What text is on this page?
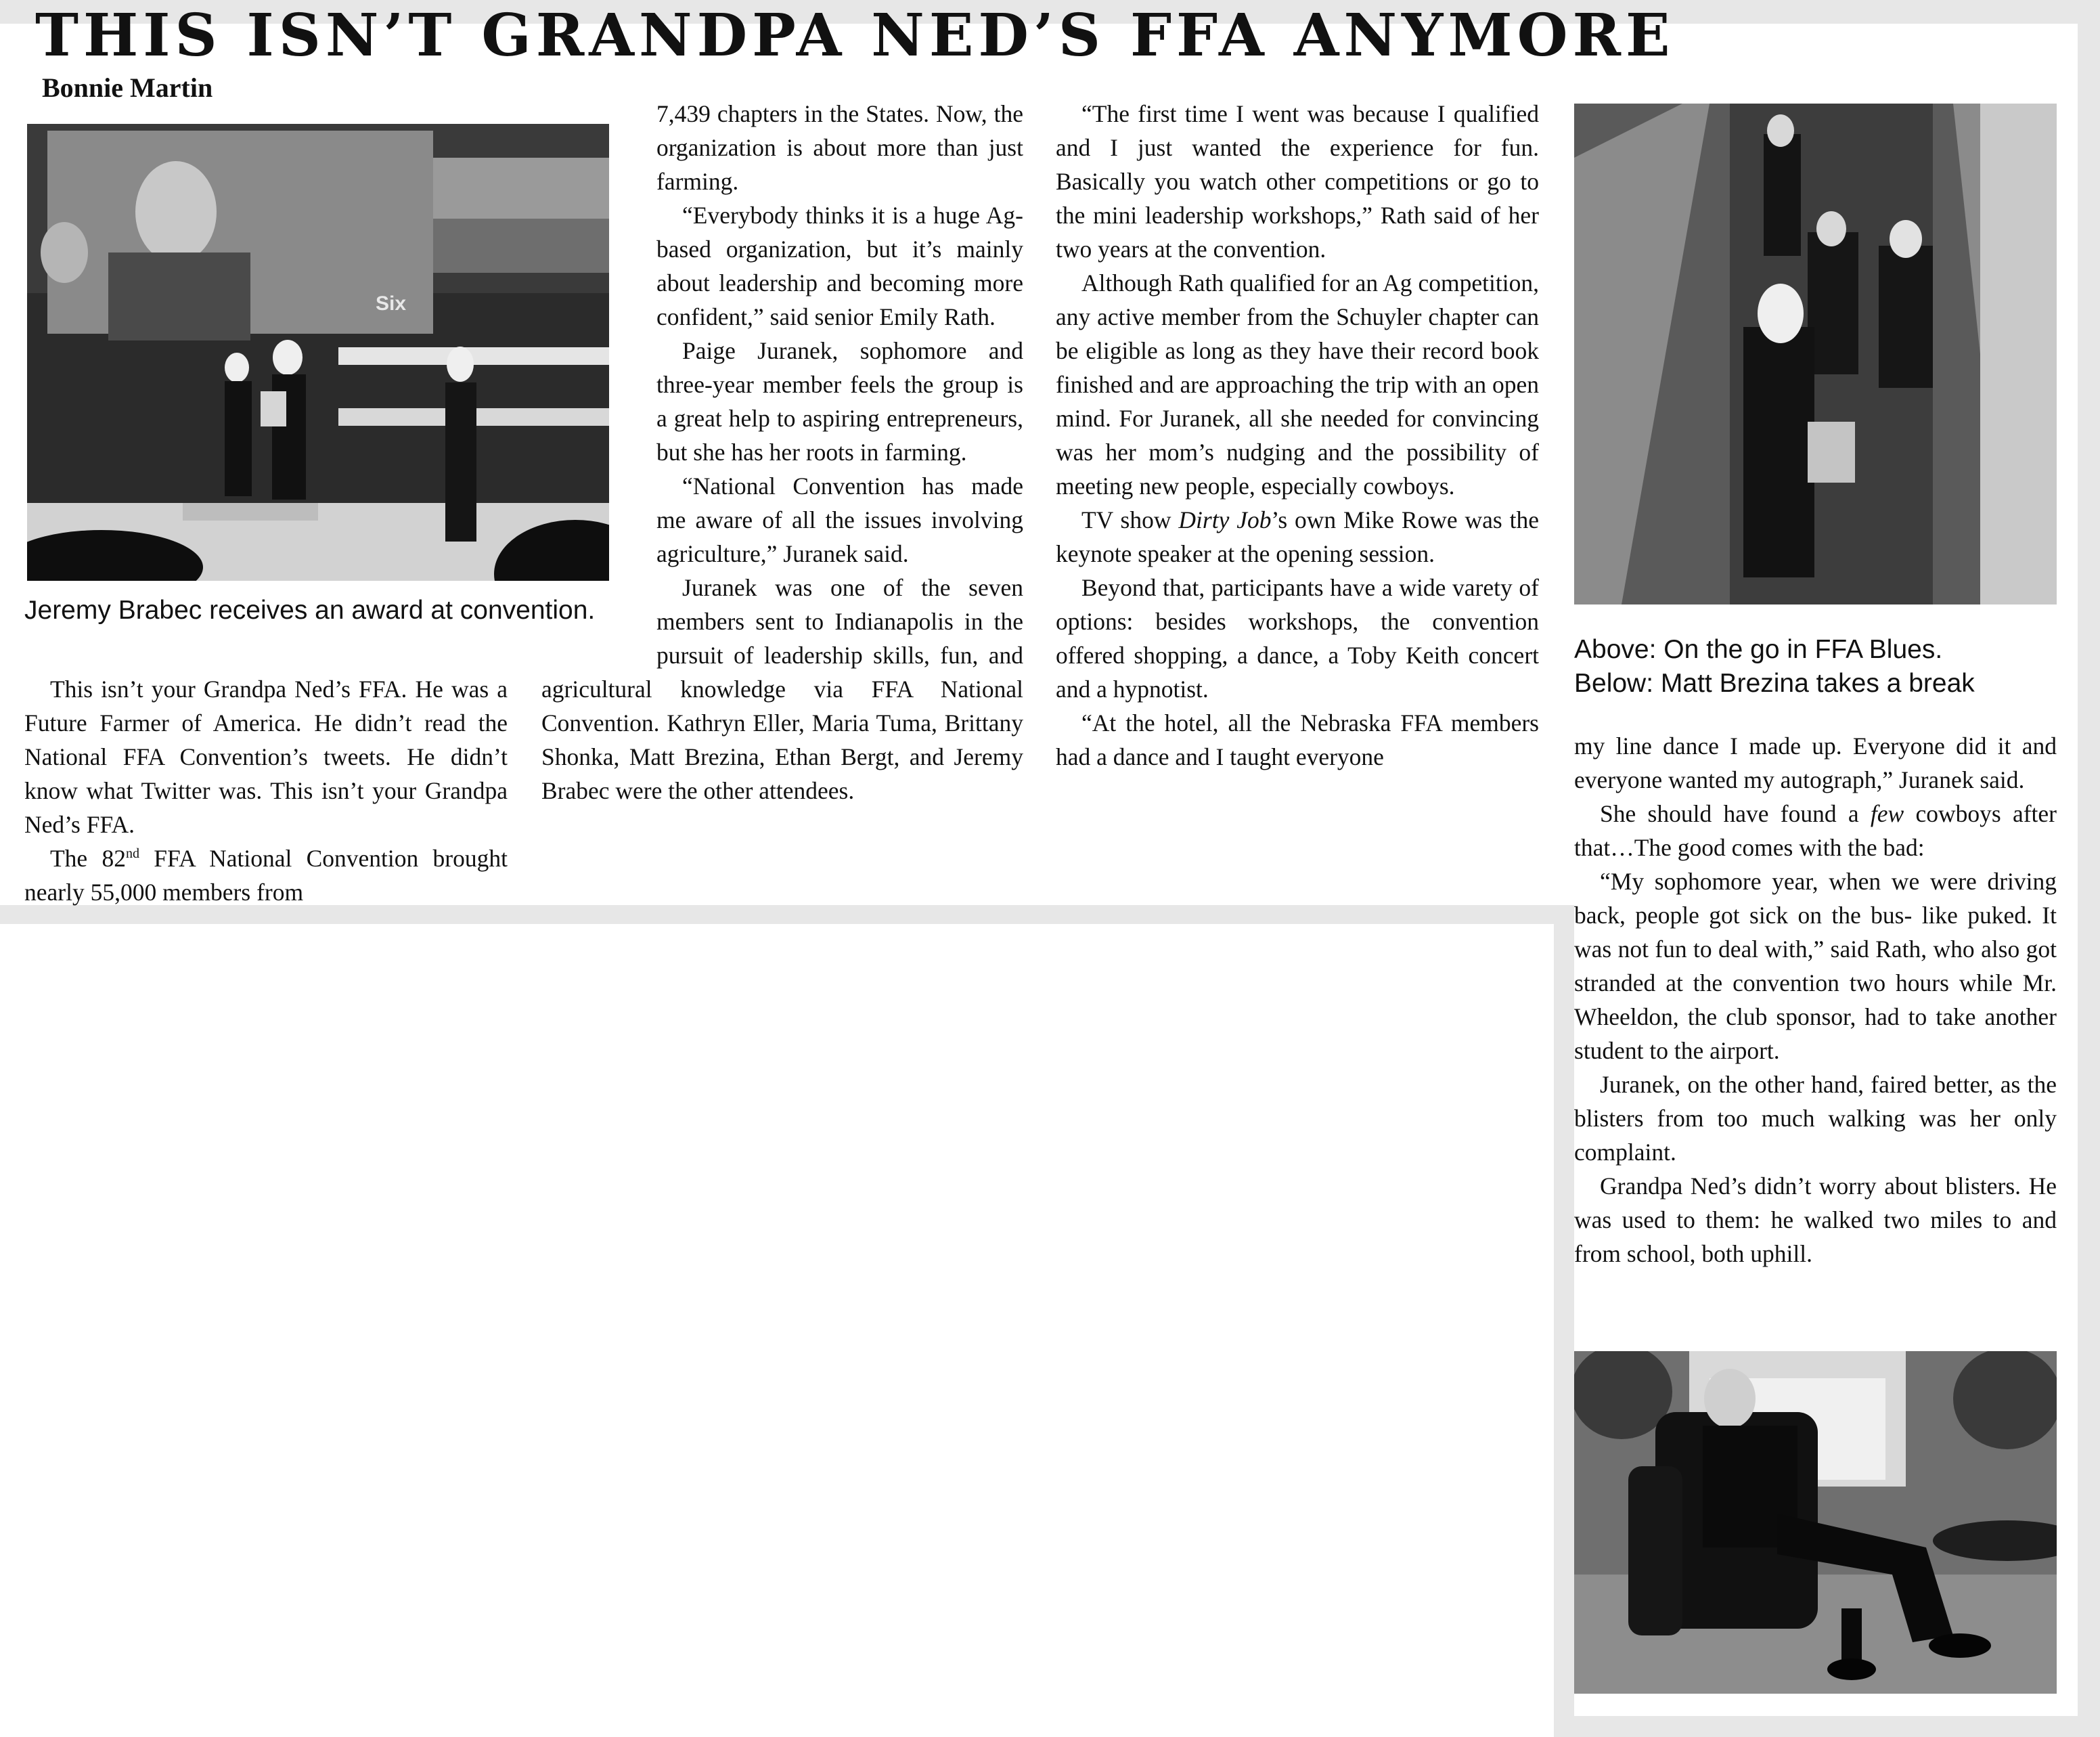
THIS ISN’T GRANDPA NED’S FFA ANYMORE
Bonnie Martin
Six
Jeremy Brabec receives an award at convention.

This isn’t your Grandpa Ned’s FFA. He was a Future Farmer of America. He didn’t read the National FFA Convention’s tweets. He didn’t know what Twitter was. This isn’t your Grandpa Ned’s FFA.

The 82nd FFA National Convention brought nearly 55,000 members from

7,439 chapters in the States. Now, the organization is about more than just farming.

“Everybody thinks it is a huge Ag-based organization, but it’s mainly about leadership and becoming more confident,” said senior Emily Rath.

Paige Juranek, sophomore and three-year member feels the group is a great help to aspiring entrepreneurs, but she has her roots in farming.

“National Convention has made me aware of all the issues involving agriculture,” Juranek said.

Juranek was one of the seven members sent to Indianapolis in the pursuit of leadership skills, fun, and agricultural knowledge via FFA National Convention. Kathryn Eller, Maria Tuma, Brittany Shonka, Matt Brezina, Ethan Bergt, and Jeremy Brabec were the other attendees.

“The first time I went was because I qualified and I just wanted the experience for fun. Basically you watch other competitions or go to the mini leadership workshops,” Rath said of her two years at the convention.

Although Rath qualified for an Ag competition, any active member from the Schuyler chapter can be eligible as long as they have their record book finished and are approaching the trip with an open mind. For Juranek, all she needed for convincing was her mom’s nudging and the possibility of meeting new people, especially cowboys.

TV show Dirty Job’s own Mike Rowe was the keynote speaker at the opening session.

Beyond that, participants have a wide varety of options: besides workshops, the convention offered shopping, a dance, a Toby Keith concert and a hypnotist.

“At the hotel, all the Nebraska FFA members had a dance and I taught everyone

Above: On the go in FFA Blues.
Below: Matt Brezina takes a break

my line dance I made up. Everyone did it and everyone wanted my autograph,” Juranek said.

She should have found a few cowboys after that…The good comes with the bad:

“My sophomore year, when we were driving back, people got sick on the bus- like puked. It was not fun to deal with,” said Rath, who also got stranded at the convention two hours while Mr. Wheeldon, the club sponsor, had to take another student to the airport.

Juranek, on the other hand, faired better, as the blisters from too much walking was her only complaint.

Grandpa Ned’s didn’t worry about blisters. He was used to them: he walked two miles to and from school, both uphill.
